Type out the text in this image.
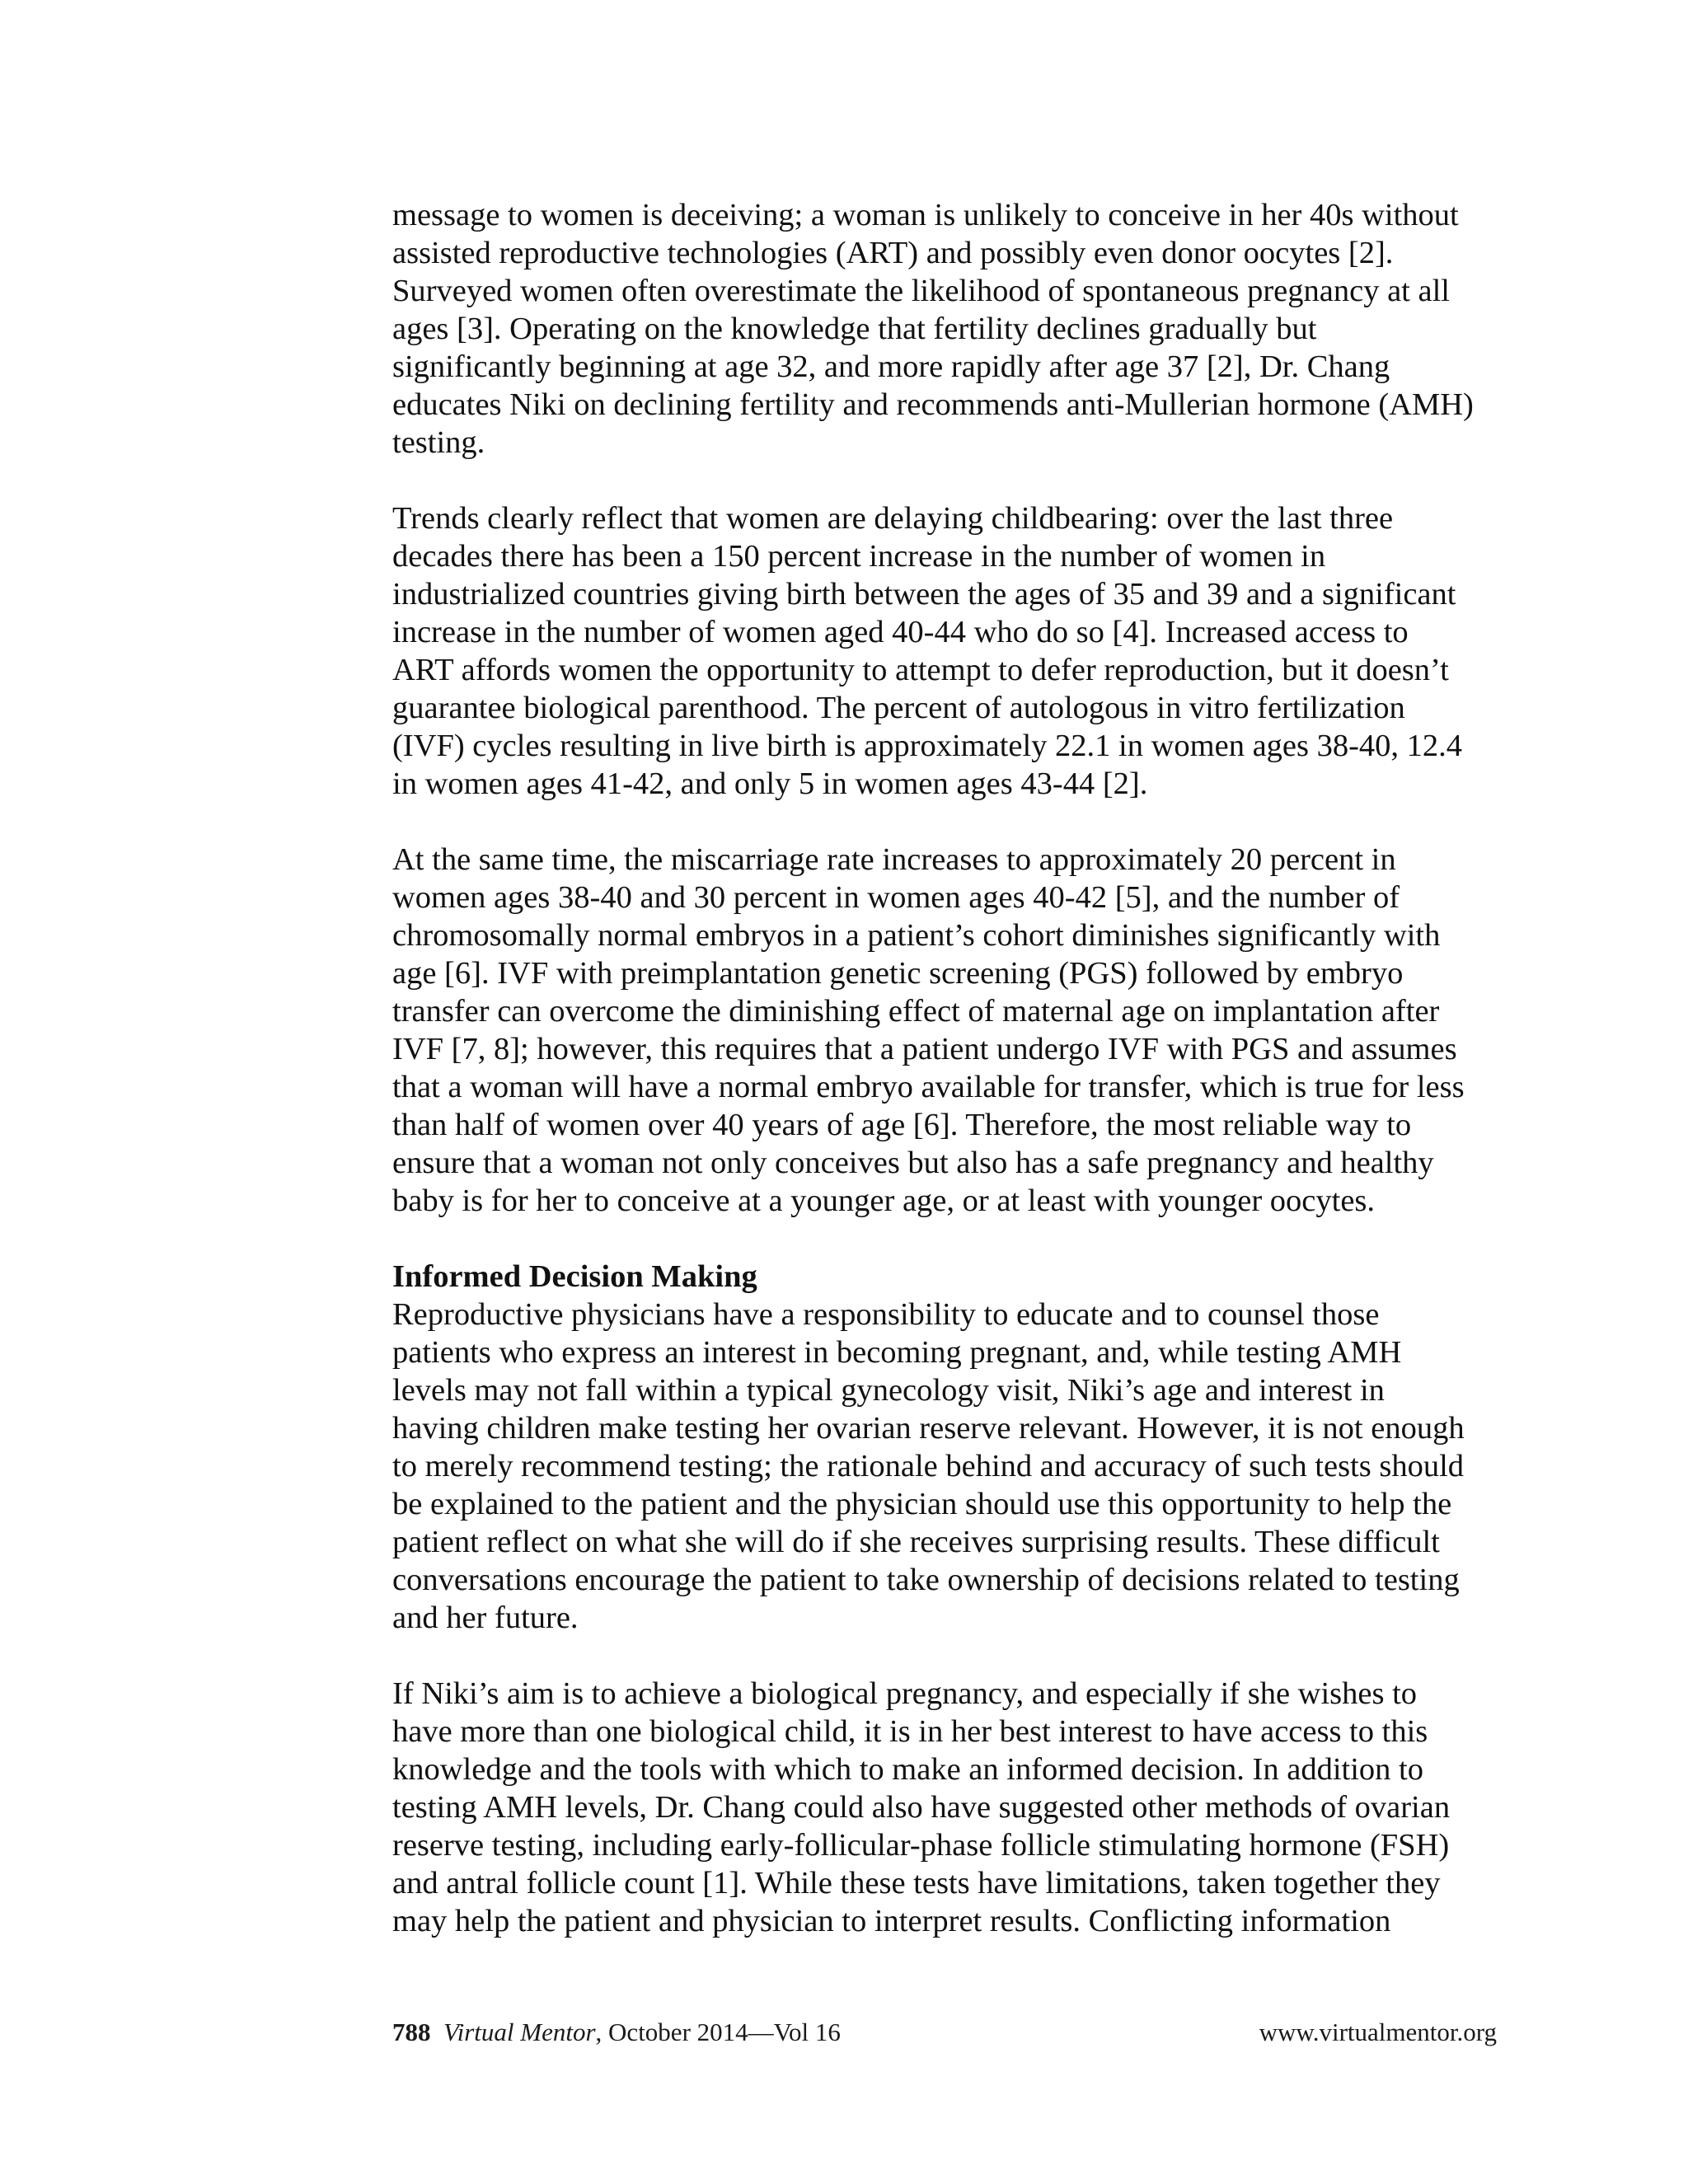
message to women is deceiving; a woman is unlikely to conceive in her 40s without
assisted reproductive technologies (ART) and possibly even donor oocytes [2].
Surveyed women often overestimate the likelihood of spontaneous pregnancy at all
ages [3]. Operating on the knowledge that fertility declines gradually but
significantly beginning at age 32, and more rapidly after age 37 [2], Dr. Chang
educates Niki on declining fertility and recommends anti-Mullerian hormone (AMH)
testing.
Trends clearly reflect that women are delaying childbearing: over the last three
decades there has been a 150 percent increase in the number of women in
industrialized countries giving birth between the ages of 35 and 39 and a significant
increase in the number of women aged 40-44 who do so [4]. Increased access to
ART affords women the opportunity to attempt to defer reproduction, but it doesn’t
guarantee biological parenthood. The percent of autologous in vitro fertilization
(IVF) cycles resulting in live birth is approximately 22.1 in women ages 38-40, 12.4
in women ages 41-42, and only 5 in women ages 43-44 [2].
At the same time, the miscarriage rate increases to approximately 20 percent in
women ages 38-40 and 30 percent in women ages 40-42 [5], and the number of
chromosomally normal embryos in a patient’s cohort diminishes significantly with
age [6]. IVF with preimplantation genetic screening (PGS) followed by embryo
transfer can overcome the diminishing effect of maternal age on implantation after
IVF [7, 8]; however, this requires that a patient undergo IVF with PGS and assumes
that a woman will have a normal embryo available for transfer, which is true for less
than half of women over 40 years of age [6]. Therefore, the most reliable way to
ensure that a woman not only conceives but also has a safe pregnancy and healthy
baby is for her to conceive at a younger age, or at least with younger oocytes.
Informed Decision Making
Reproductive physicians have a responsibility to educate and to counsel those
patients who express an interest in becoming pregnant, and, while testing AMH
levels may not fall within a typical gynecology visit, Niki’s age and interest in
having children make testing her ovarian reserve relevant. However, it is not enough
to merely recommend testing; the rationale behind and accuracy of such tests should
be explained to the patient and the physician should use this opportunity to help the
patient reflect on what she will do if she receives surprising results. These difficult
conversations encourage the patient to take ownership of decisions related to testing
and her future.
If Niki’s aim is to achieve a biological pregnancy, and especially if she wishes to
have more than one biological child, it is in her best interest to have access to this
knowledge and the tools with which to make an informed decision. In addition to
testing AMH levels, Dr. Chang could also have suggested other methods of ovarian
reserve testing, including early-follicular-phase follicle stimulating hormone (FSH)
and antral follicle count [1]. While these tests have limitations, taken together they
may help the patient and physician to interpret results. Conflicting information
788 Virtual Mentor, October 2014—Vol 16	www.virtualmentor.org
